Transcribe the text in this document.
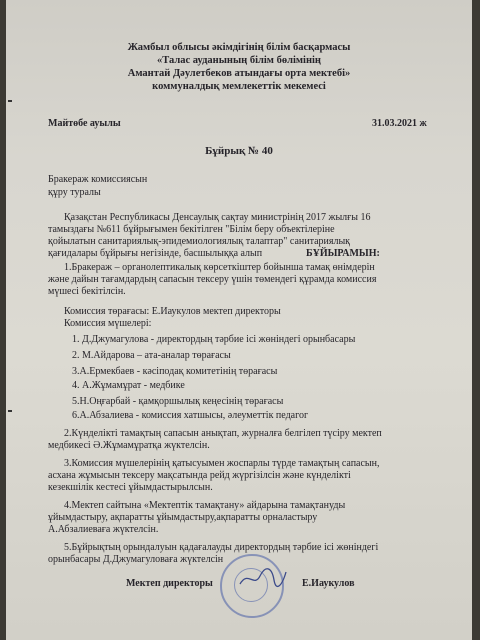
Жамбыл облысы әкімдігінің білім басқармасы
«Талас ауданының білім бөлімінің
Амантай Дәулетбеков атындағы орта мектебі»
коммуналдық мемлекеттік мекемесі
Майтөбе ауылы	31.03.2021 ж
Бұйрық № 40
Бракераж комиссиясын
құру туралы
Қазақстан Республикасы Денсаулық сақтау министрінің 2017 жылғы 16
тамыздағы №611 бұйрығымен бекітілген "Білім беру объектілеріне
қойылатын санитариялық-эпидемиологиялық талаптар" санитариялық
қағидалары бұйрығы негізінде, басшылыққа алып	БҰЙЫРАМЫН:
1.Бракераж – органолептикалық көрсеткіштер бойынша тамақ өнімдерін
және дайын тағамдардың сапасын тексеру үшін төмендегі құрамда комиссия
мүшесі бекітілсін.
Комиссия төрағасы: Е.Иаукулов мектеп директоры
Комиссия мүшелері:
1. Д.Джумагулова - директордың тәрбие ісі жөніндегі орынбасары
2. М.Айдарова – ата-аналар төрағасы
3.А.Ермекбаев - кәсіподақ комитетінің төрағасы
4. А.Жұмамұрат - медбике
5.Н.Оңғарбай - қамқоршылық кеңесінің төрағасы
6.А.Абзалиева - комиссия хатшысы, әлеуметтік педагог
2.Күнделікті тамақтың сапасын анықтап, журналға белгілеп түсіру мектеп
медбикесі Ә.Жұмамұратқа жүктелсін.
3.Комиссия мүшелерінің қатысуымен жоспарлы түрде тамақтың сапасын,
асхана жұмысын тексеру мақсатында рейд жүргізілсін және күнделікті
кезекшілік кестесі ұйымдастырылсын.
4.Мектеп сайтына «Мектептік тамақтану» айдарына тамақтануды
ұйымдастыру, ақпаратты ұйымдастыру,ақпаратты орналастыру
А.Абзалиеваға жүктелсін.
5.Бұйрықтың орындалуын қадағалауды директордың тәрбие ісі жөніндегі
орынбасары Д.Джумагуловаға жүктелсін
Мектеп директоры	Е.Иаукулов
